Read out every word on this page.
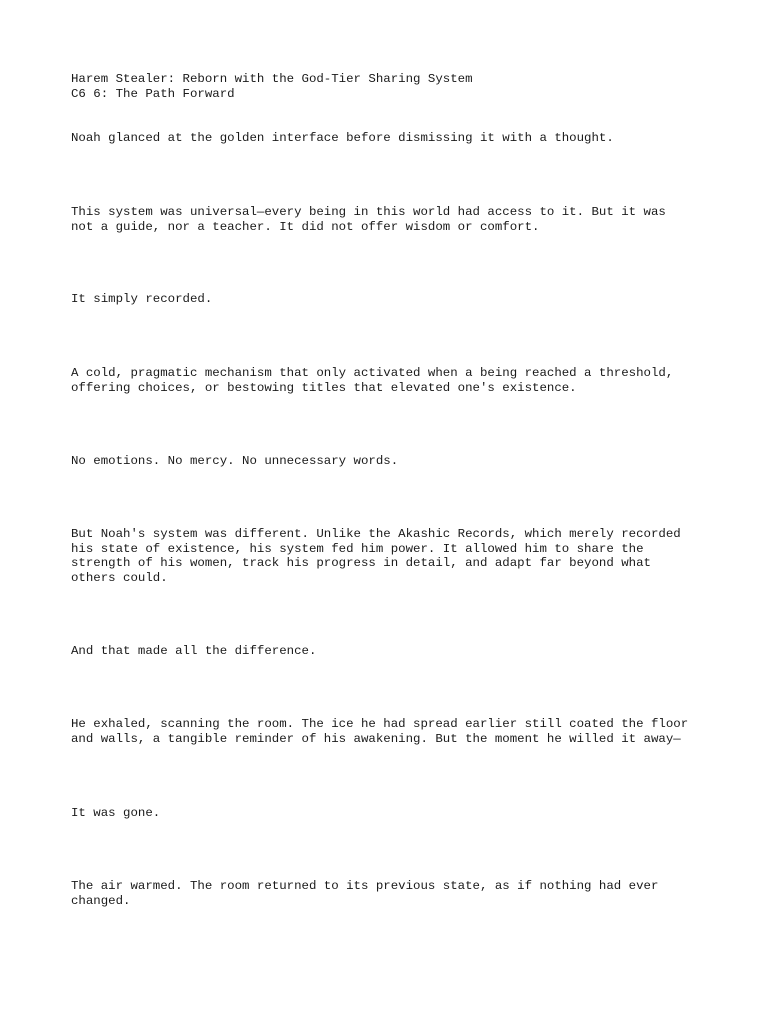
Harem Stealer: Reborn with the God-Tier Sharing System

C6 6: The Path Forward

Noah glanced at the golden interface before dismissing it with a thought.

This system was universal—every being in this world had access to it. But it was
not a guide, nor a teacher. It did not offer wisdom or comfort.

It simply recorded.

A cold, pragmatic mechanism that only activated when a being reached a threshold,
offering choices, or bestowing titles that elevated one's existence.

No emotions. No mercy. No unnecessary words.

But Noah's system was different. Unlike the Akashic Records, which merely recorded
his state of existence, his system fed him power. It allowed him to share the
strength of his women, track his progress in detail, and adapt far beyond what
others could.

And that made all the difference.

He exhaled, scanning the room. The ice he had spread earlier still coated the floor
and walls, a tangible reminder of his awakening. But the moment he willed it away—

It was gone.

The air warmed. The room returned to its previous state, as if nothing had ever
changed.
